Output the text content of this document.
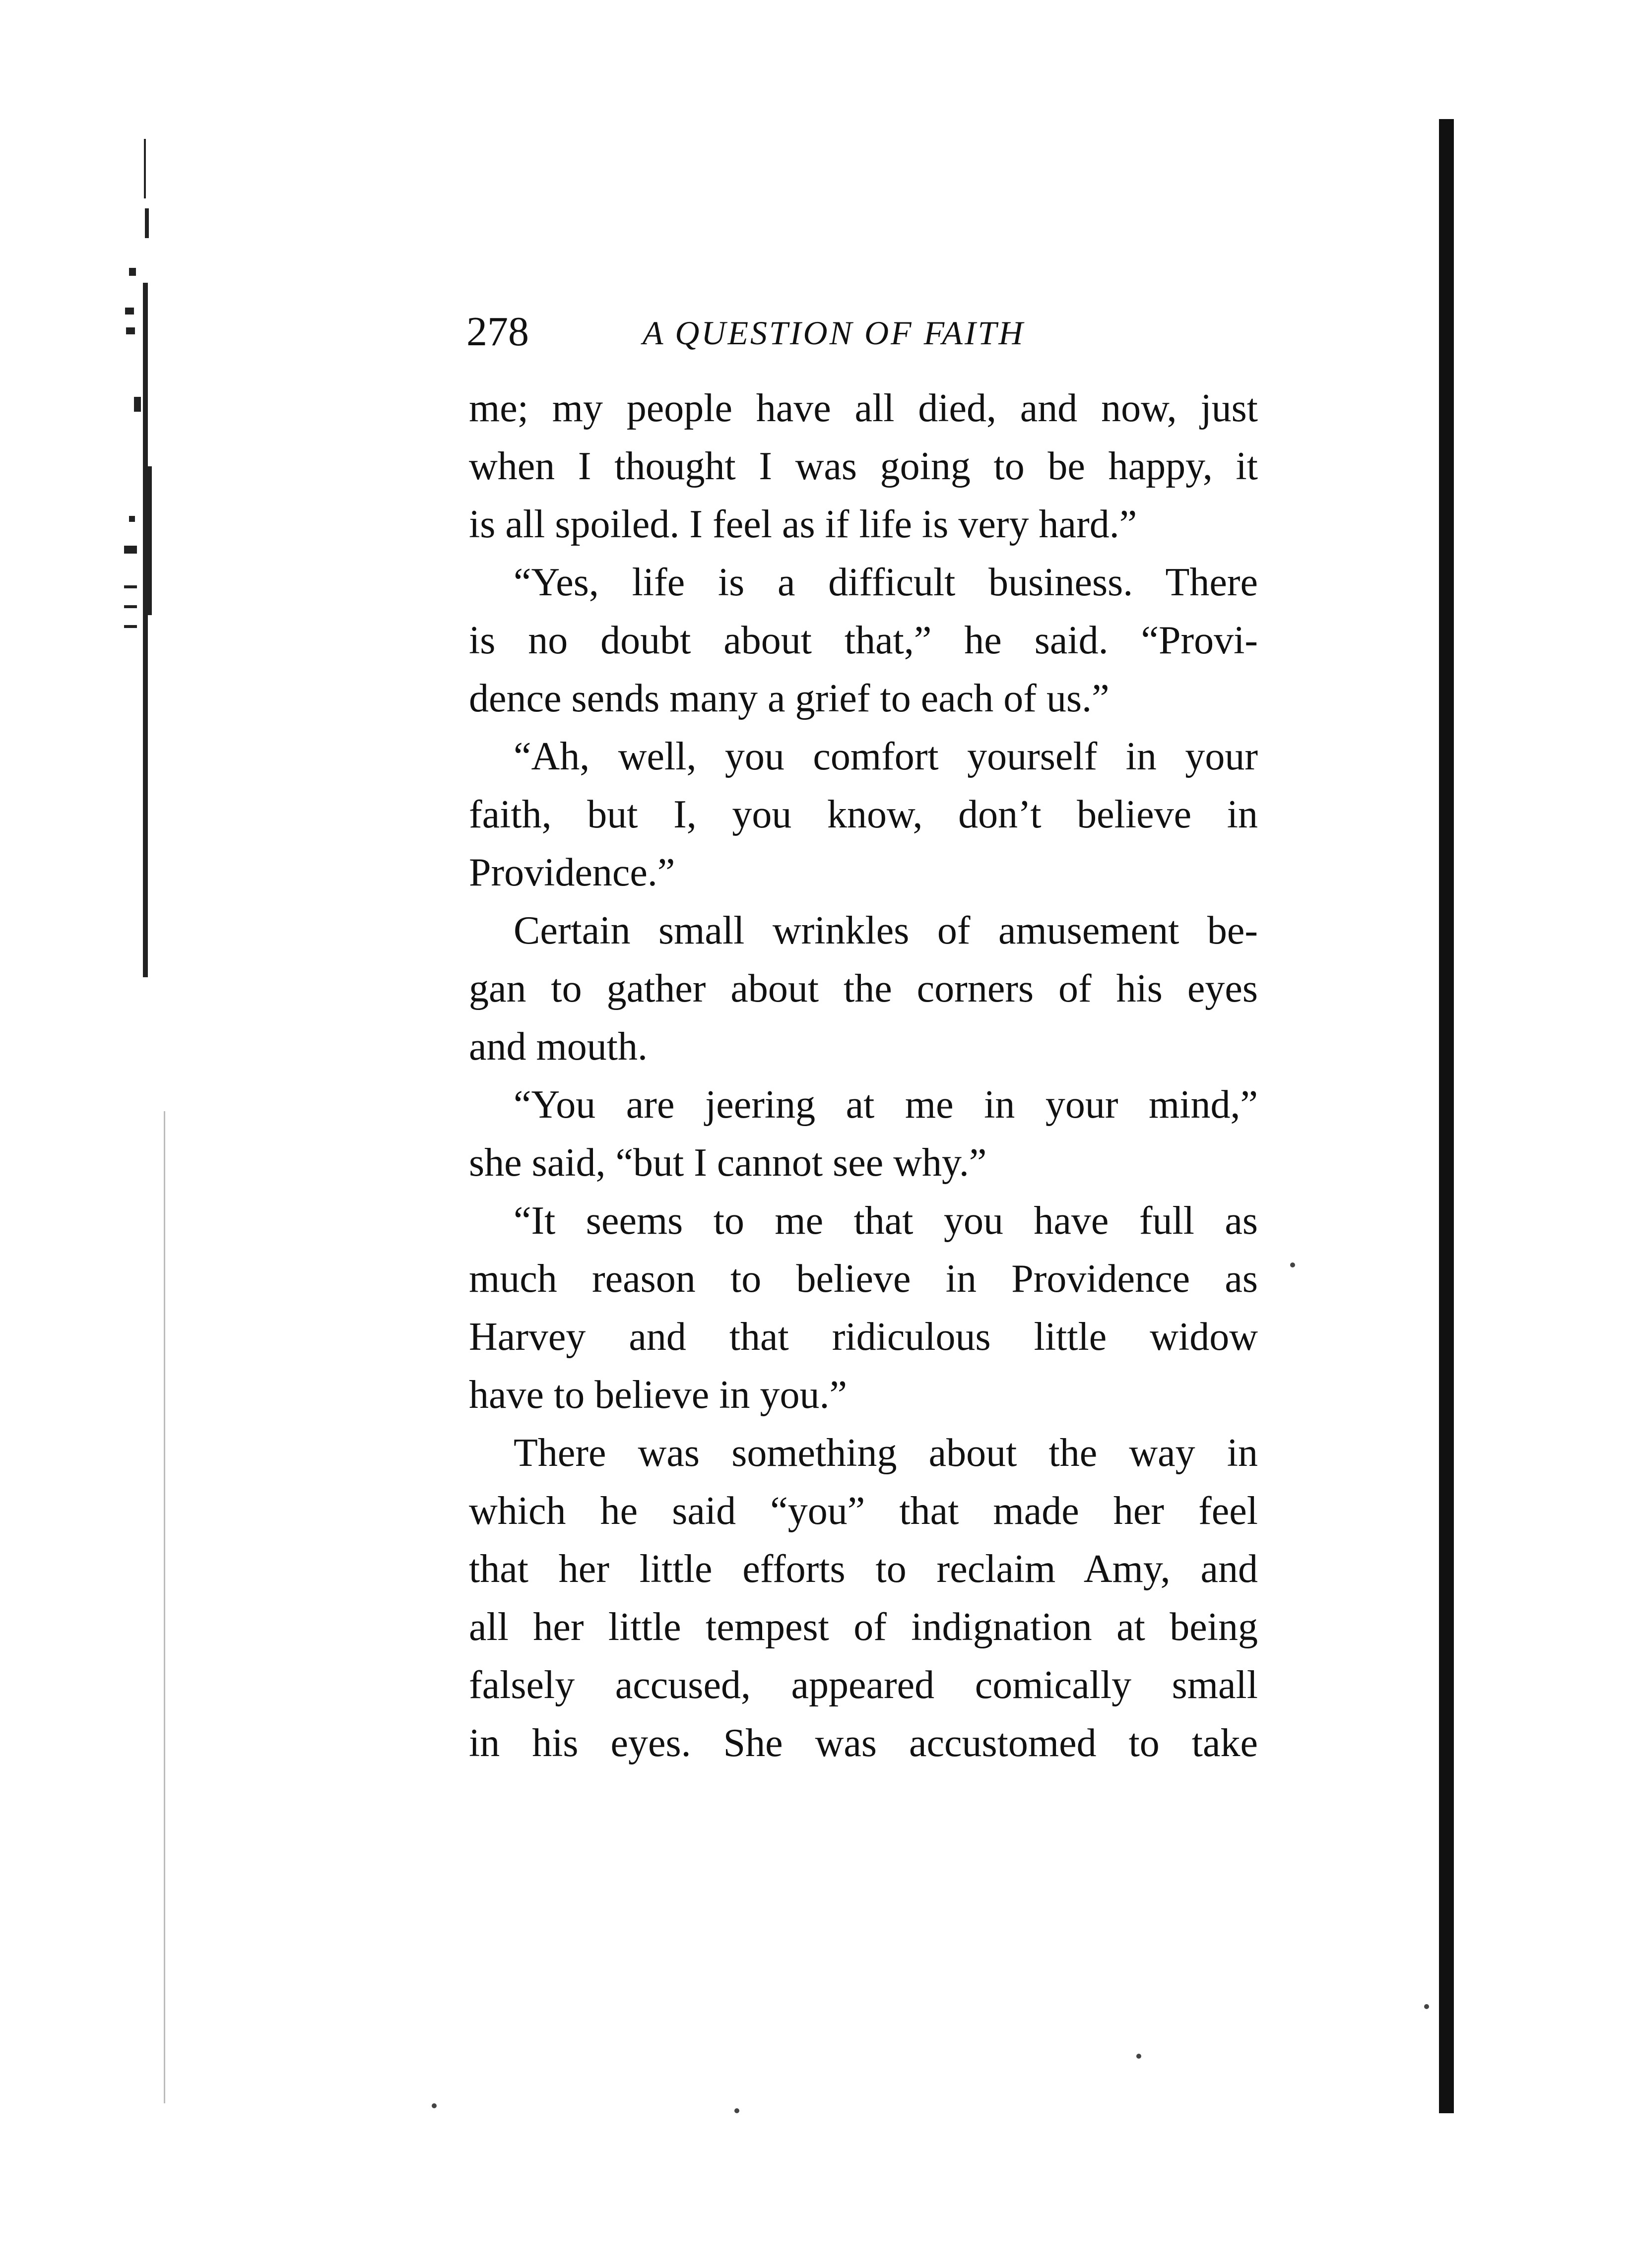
278	A QUESTION OF FAITH
me; my people have all died, and now, just
when I thought I was going to be happy, it
is all spoiled. I feel as if life is very hard.”
“Yes, life is a difficult business. There
is no doubt about that,” he said. “Provi-
dence sends many a grief to each of us.”
“Ah, well, you comfort yourself in your
faith, but I, you know, don’t believe in
Providence.”
Certain small wrinkles of amusement be-
gan to gather about the corners of his eyes
and mouth.
“You are jeering at me in your mind,”
she said, “but I cannot see why.”
“It seems to me that you have full as
much reason to believe in Providence as
Harvey and that ridiculous little widow
have to believe in you.”
There was something about the way in
which he said “you” that made her feel
that her little efforts to reclaim Amy, and
all her little tempest of indignation at being
falsely accused, appeared comically small
in his eyes. She was accustomed to take
